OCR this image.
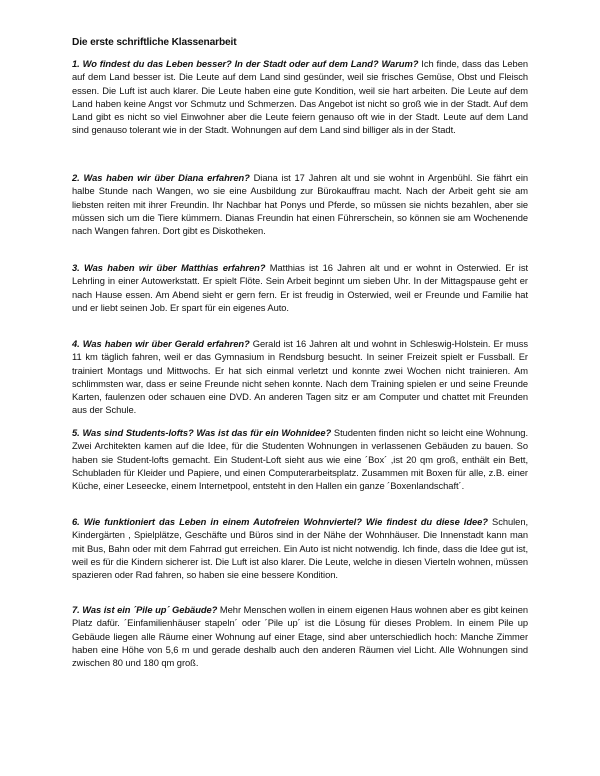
Die erste schriftliche Klassenarbeit

1. Wo findest du das Leben besser? In der Stadt oder auf dem Land? Warum? Ich finde, dass das Leben auf dem Land besser ist. Die Leute auf dem Land sind gesünder, weil sie frisches Gemüse, Obst und Fleisch essen. Die Luft ist auch klarer. Die Leute haben eine gute Kondition, weil sie hart arbeiten. Die Leute auf dem Land haben keine Angst vor Schmutz und Schmerzen. Das Angebot ist nicht so groß wie in der Stadt. Auf dem Land gibt es nicht so viel Einwohner aber die Leute feiern genauso oft wie in der Stadt. Leute auf dem Land sind genauso tolerant wie in der Stadt. Wohnungen auf dem Land sind billiger als in der Stadt.

2. Was haben wir über Diana erfahren? Diana ist 17 Jahren alt und sie wohnt in Argenbühl. Sie fährt ein halbe Stunde nach Wangen, wo sie eine Ausbildung zur Bürokauffrau macht. Nach der Arbeit geht sie am liebsten reiten mit ihrer Freundin. Ihr Nachbar hat Ponys und Pferde, so müssen sie nichts bezahlen, aber sie müssen sich um die Tiere kümmern. Dianas Freundin hat einen Führerschein, so können sie am Wochenende nach Wangen fahren. Dort gibt es Diskotheken.

3. Was haben wir über Matthias erfahren? Matthias ist 16 Jahren alt und er wohnt in Osterwied. Er ist Lehrling in einer Autowerkstatt. Er spielt Flöte. Sein Arbeit beginnt um sieben Uhr. In der Mittagspause geht er nach Hause essen. Am Abend sieht er gern fern. Er ist freudig in Osterwied, weil er Freunde und Familie hat und er liebt seinen Job. Er spart für ein eigenes Auto.

4. Was haben wir über Gerald erfahren? Gerald ist 16 Jahren alt und wohnt in Schleswig-Holstein. Er muss 11 km täglich fahren, weil er das Gymnasium in Rendsburg besucht. In seiner Freizeit spielt er Fussball. Er trainiert Montags und Mittwochs. Er hat sich einmal verletzt und konnte zwei Wochen nicht trainieren. Am schlimmsten war, dass er seine Freunde nicht sehen konnte. Nach dem Training spielen er und seine Freunde Karten, faulenzen oder schauen eine DVD. An anderen Tagen sitz er am Computer und chattet mit Freunden aus der Schule.

5. Was sind Students-lofts? Was ist das für ein Wohnidee? Studenten finden nicht so leicht eine Wohnung. Zwei Architekten kamen auf die Idee, für die Studenten Wohnungen in verlassenen Gebäuden zu bauen. So haben sie Student-lofts gemacht. Ein Student-Loft sieht aus wie eine ´Box´ ,ist 20 qm groß, enthält ein Bett, Schubladen für Kleider und Papiere, und einen Computerarbeitsplatz. Zusammen mit Boxen für alle, z.B. einer Küche, einer Leseecke, einem Internetpool, entsteht in den Hallen ein ganze ´Boxenlandschaft´.

6. Wie funktioniert das Leben in einem Autofreien Wohnviertel? Wie findest du diese Idee? Schulen, Kindergärten , Spielplätze, Geschäfte und Büros sind in der Nähe der Wohnhäuser. Die Innenstadt kann man mit Bus, Bahn oder mit dem Fahrrad gut erreichen. Ein Auto ist nicht notwendig. Ich finde, dass die Idee gut ist, weil es für die Kindern sicherer ist. Die Luft ist also klarer. Die Leute, welche in diesen Vierteln wohnen, müssen spazieren oder Rad fahren, so haben sie eine bessere Kondition.

7. Was ist ein ´Pile up´ Gebäude? Mehr Menschen wollen in einem eigenen Haus wohnen aber es gibt keinen Platz dafür. ´Einfamilienhäuser stapeln´ oder ´Pile up´ ist die Lösung für dieses Problem. In einem Pile up Gebäude liegen alle Räume einer Wohnung auf einer Etage, sind aber unterschiedlich hoch: Manche Zimmer haben eine Höhe von 5,6 m und gerade deshalb auch den anderen Räumen viel Licht. Alle Wohnungen sind zwischen 80 und 180 qm groß.
